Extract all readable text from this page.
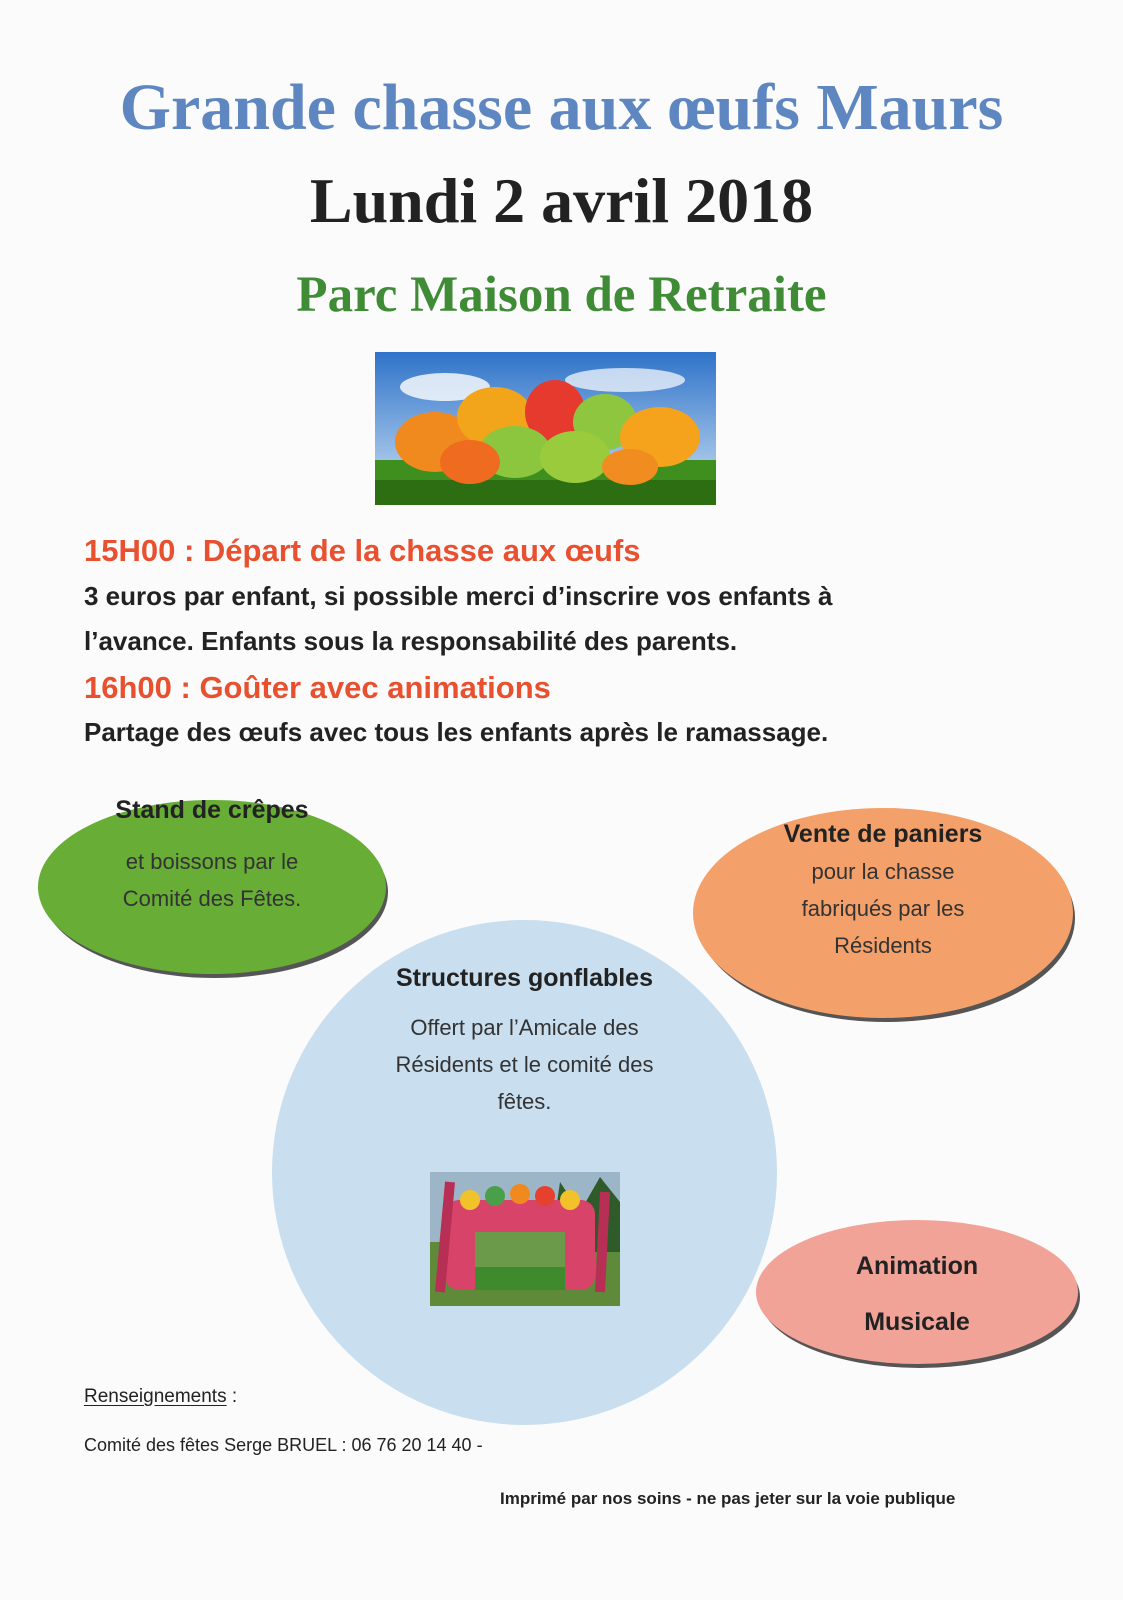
Grande chasse aux œufs Maurs
Lundi 2 avril 2018
Parc Maison de Retraite
15H00 : Départ de la chasse aux œufs
3 euros par enfant, si possible merci d’inscrire vos enfants à
l’avance. Enfants sous la responsabilité des parents.
16h00 : Goûter avec animations
Partage des œufs avec tous les enfants après le ramassage.
Structures gonflables
Offert par l’Amicale des
Résidents et le comité des
fêtes.
Stand de crêpes
et boissons par le
Comité des Fêtes.
Vente de paniers
pour la chasse
fabriqués par les
Résidents
Animation
Musicale
Renseignements :
Comité des fêtes Serge BRUEL : 06 76 20 14 40 -
Imprimé par nos soins - ne pas jeter sur la voie publique
